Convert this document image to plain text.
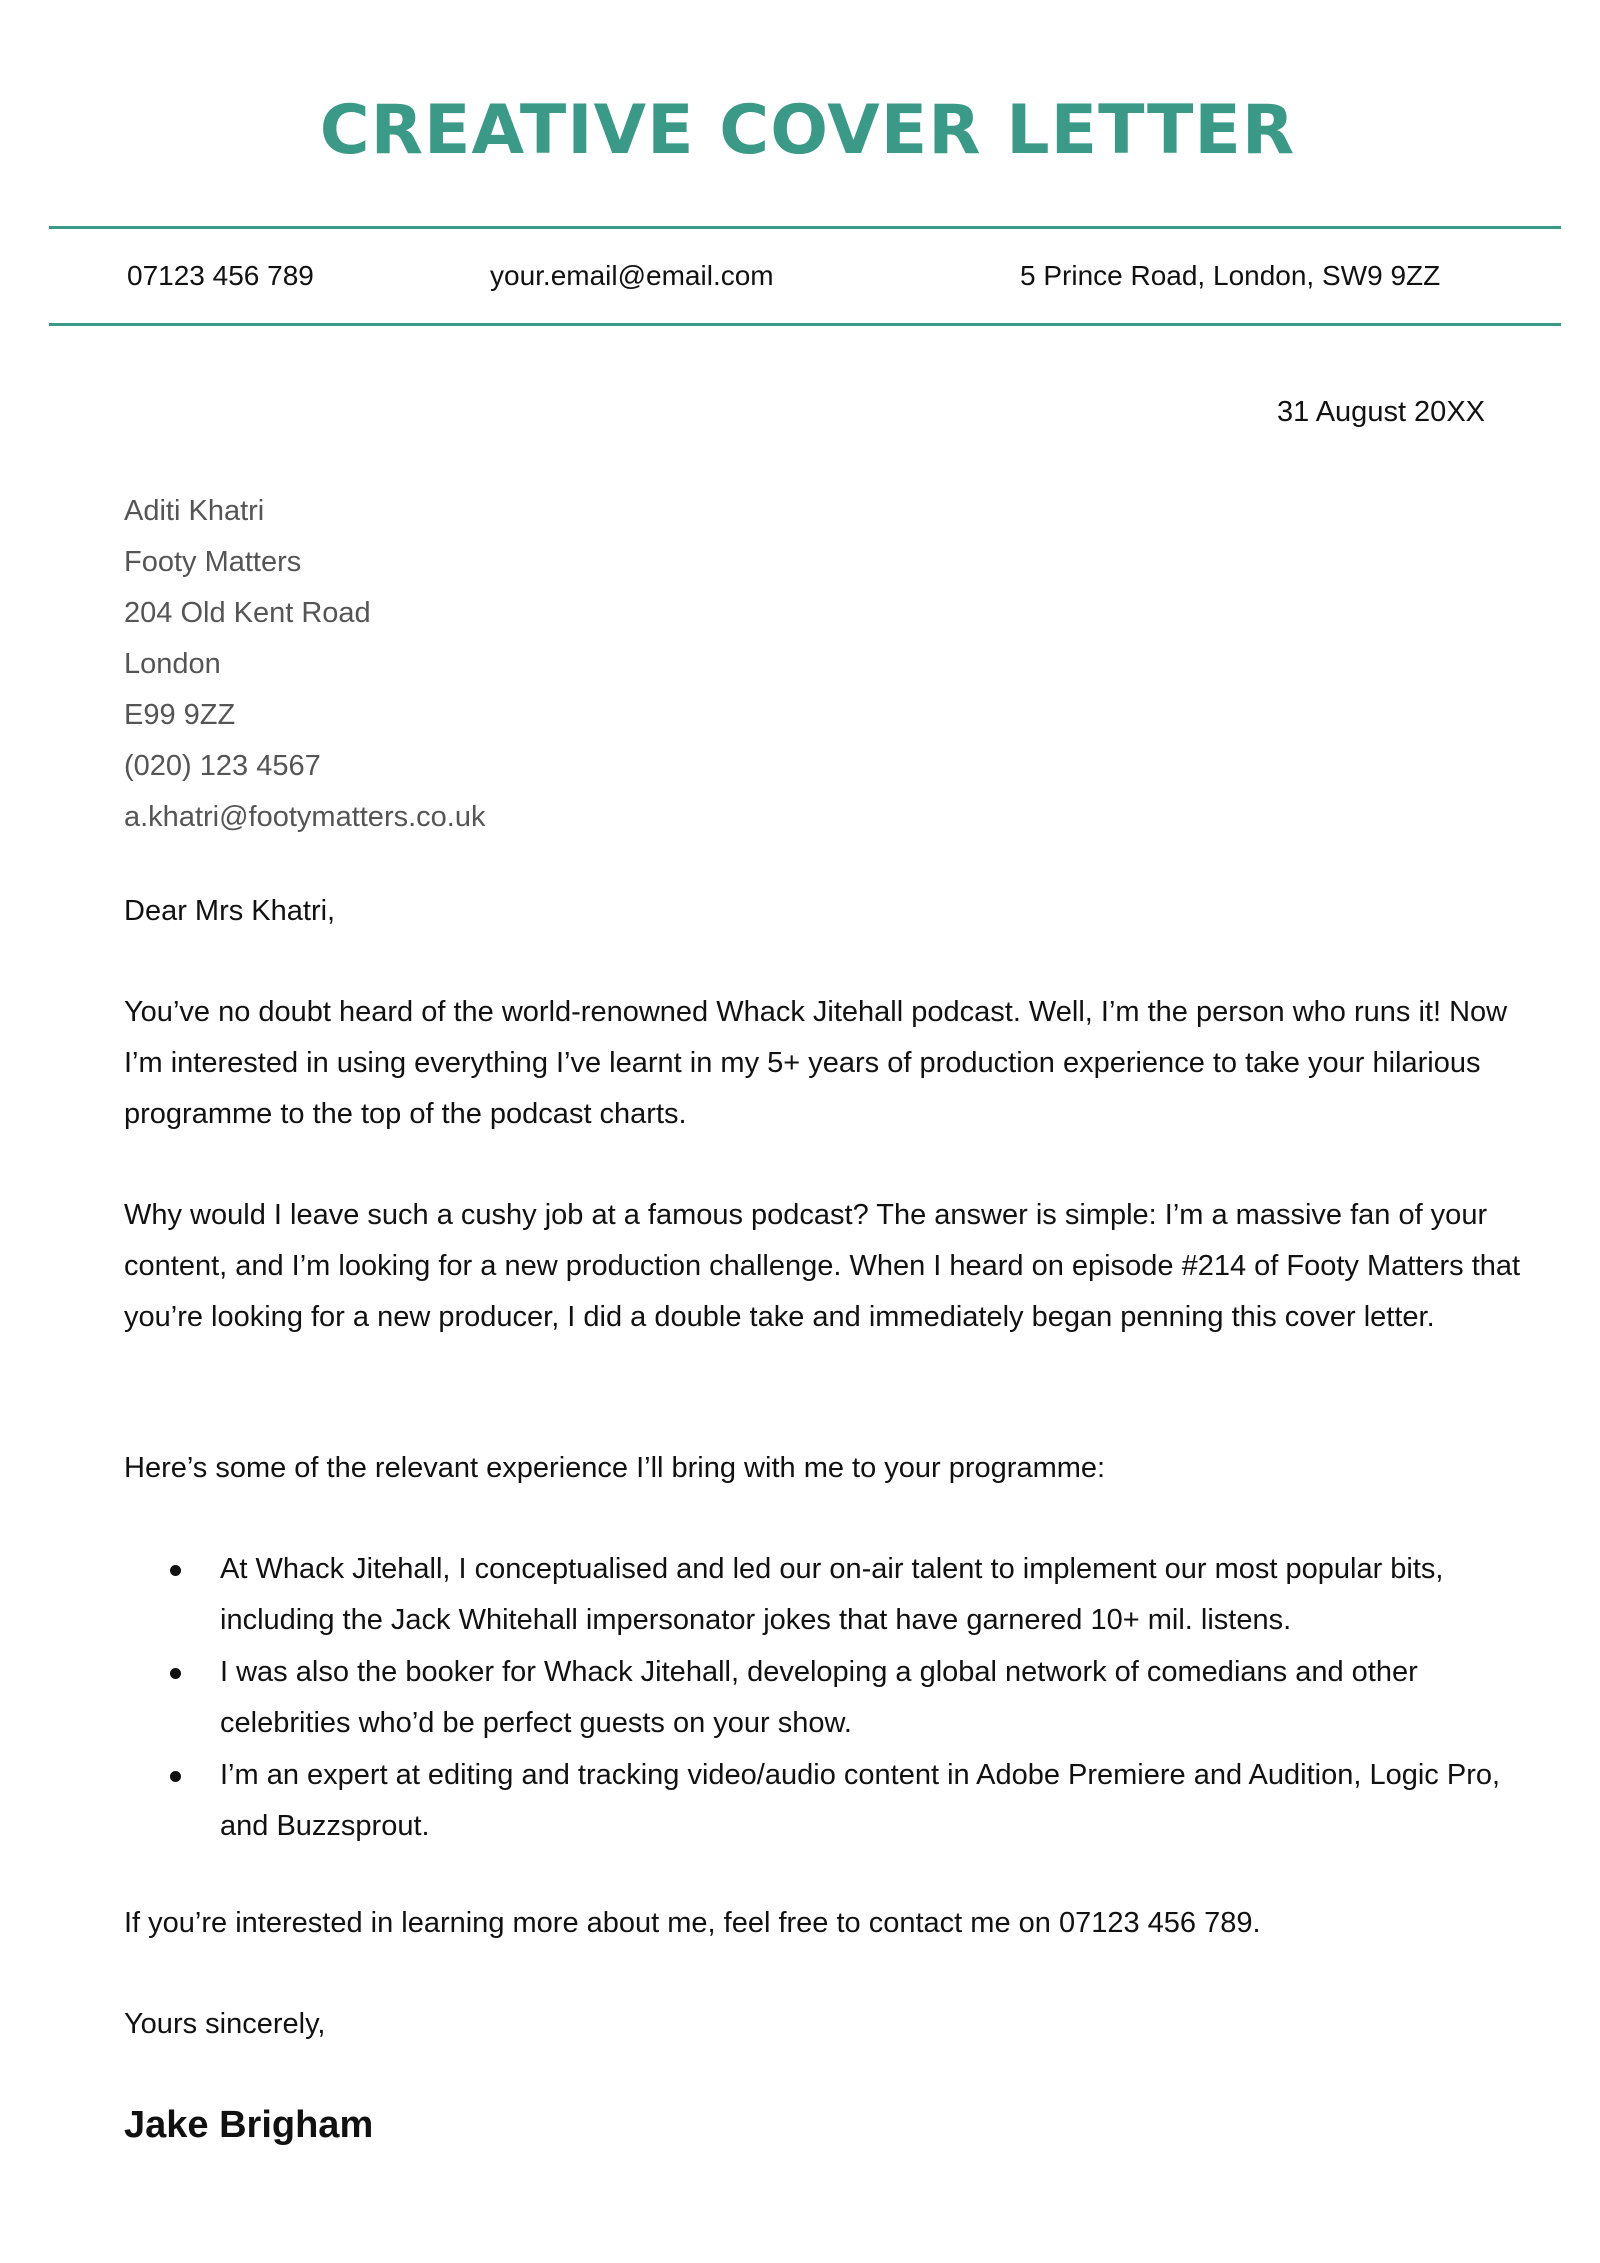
CREATIVE COVER LETTER
07123 456 789	your.email@email.com	5 Prince Road, London, SW9 9ZZ
31 August 20XX
Aditi Khatri
Footy Matters
204 Old Kent Road
London
E99 9ZZ
(020) 123 4567
a.khatri@footymatters.co.uk

Dear Mrs Khatri,

You’ve no doubt heard of the world-renowned Whack Jitehall podcast. Well, I’m the person who runs it! Now I’m interested in using everything I’ve learnt in my 5+ years of production experience to take your hilarious programme to the top of the podcast charts.

Why would I leave such a cushy job at a famous podcast? The answer is simple: I’m a massive fan of your content, and I’m looking for a new production challenge. When I heard on episode #214 of Footy Matters that you’re looking for a new producer, I did a double take and immediately began penning this cover letter.

Here’s some of the relevant experience I’ll bring with me to your programme:

At Whack Jitehall, I conceptualised and led our on-air talent to implement our most popular bits, including the Jack Whitehall impersonator jokes that have garnered 10+ mil. listens.
I was also the booker for Whack Jitehall, developing a global network of comedians and other celebrities who’d be perfect guests on your show.
I’m an expert at editing and tracking video/audio content in Adobe Premiere and Audition, Logic Pro, and Buzzsprout.

If you’re interested in learning more about me, feel free to contact me on 07123 456 789.

Yours sincerely,

Jake Brigham
